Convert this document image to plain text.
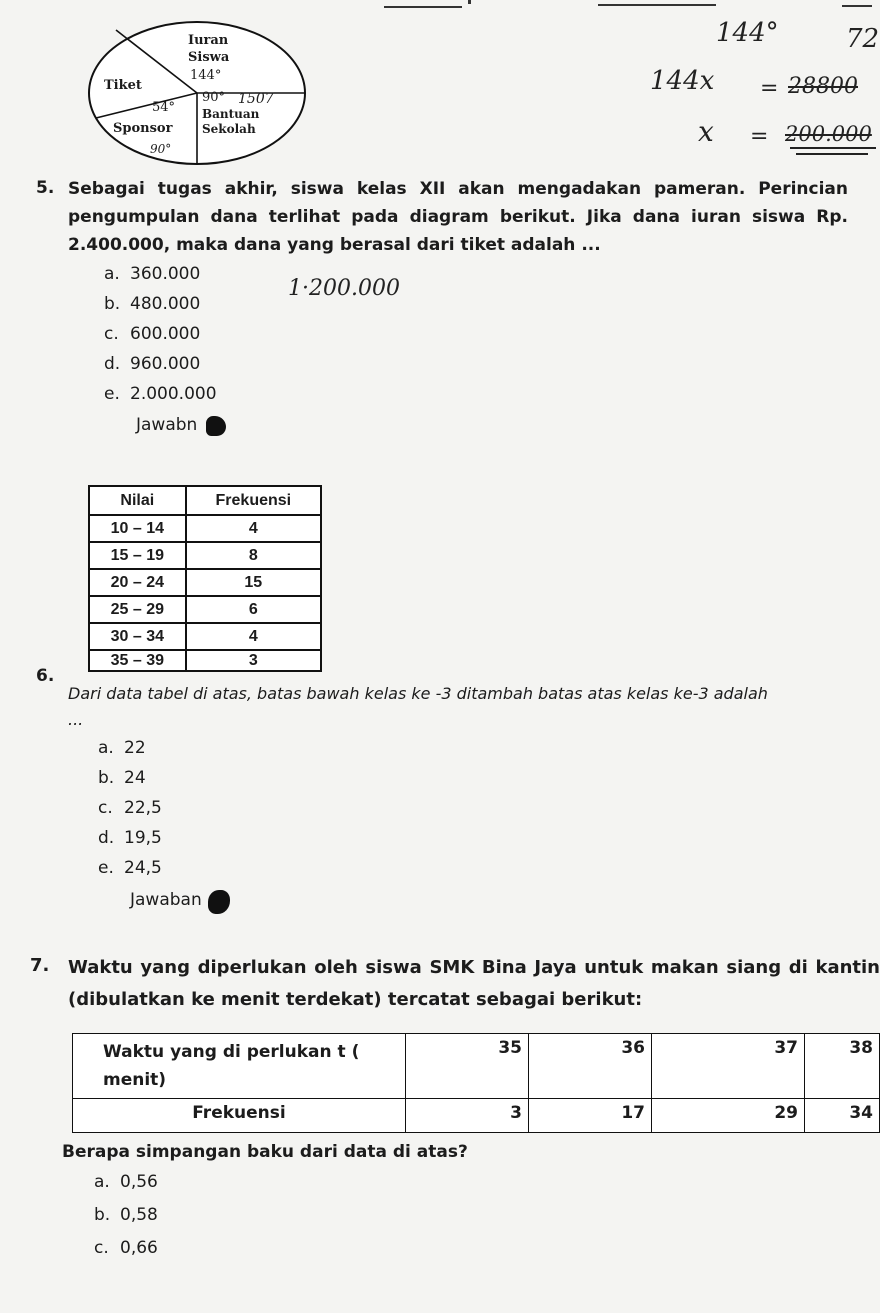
Iuran
Siswa
144°
Tiket
54°
90° 1507
Bantuan
Sponsor Sekolah
90°
144°	72
144x = 28800
x = 200.000
5. Sebagai tugas akhir, siswa kelas XII akan mengadakan pameran. Perincian pengumpulan dana terlihat pada diagram berikut. Jika dana iuran siswa Rp. 2.400.000, maka dana yang berasal dari tiket adalah ...
a. 360.000
b. 480.000
c. 600.000
d. 960.000
e. 2.000.000
1·200.000
Jawabn
Nilai	Frekuensi
10 – 14	4
15 – 19	8
20 – 24	15
25 – 29	6
30 – 34	4
35 – 39	3
6.
Dari data tabel di atas, batas bawah kelas ke -3 ditambah batas atas kelas ke-3 adalah
...
a. 22
b. 24
c. 22,5
d. 19,5
e. 24,5
Jawaban
7. Waktu yang diperlukan oleh siswa SMK Bina Jaya untuk makan siang di kantin (dibulatkan ke menit terdekat) tercatat sebagai berikut:
Waktu yang di perlukan t ( menit)	35	36	37	38
Frekuensi	3	17	29	34
Berapa simpangan baku dari data di atas?
a. 0,56
b. 0,58
c. 0,66
